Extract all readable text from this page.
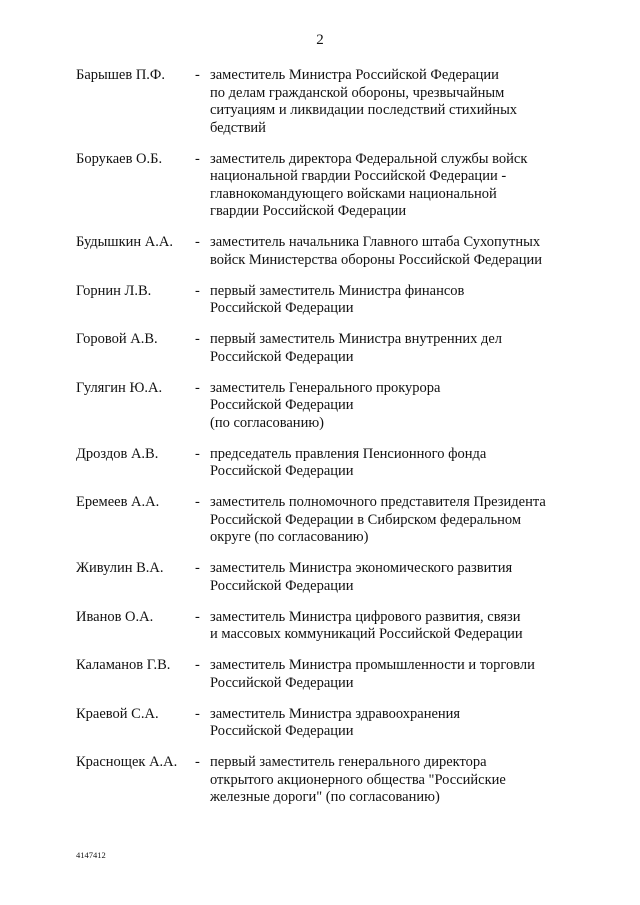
2
Барышев П.Ф.	- заместитель Министра Российской Федерации
по делам гражданской обороны, чрезвычайным
ситуациям и ликвидации последствий стихийных
бедствий
Борукаев О.Б.	- заместитель директора Федеральной службы войск
национальной гвардии Российской Федерации -
главнокомандующего войсками национальной
гвардии Российской Федерации
Будышкин А.А.	- заместитель начальника Главного штаба Сухопутных
войск Министерства обороны Российской Федерации
Горнин Л.В.	- первый заместитель Министра финансов
Российской Федерации
Горовой А.В.	- первый заместитель Министра внутренних дел
Российской Федерации
Гулягин Ю.А.	- заместитель Генерального прокурора
Российской Федерации
(по согласованию)
Дроздов А.В.	- председатель правления Пенсионного фонда
Российской Федерации
Еремеев А.А.	- заместитель полномочного представителя Президента
Российской Федерации в Сибирском федеральном
округе (по согласованию)
Живулин В.А.	- заместитель Министра экономического развития
Российской Федерации
Иванов О.А.	- заместитель Министра цифрового развития, связи
и массовых коммуникаций Российской Федерации
Каламанов Г.В.	- заместитель Министра промышленности и торговли
Российской Федерации
Краевой С.А.	- заместитель Министра здравоохранения
Российской Федерации
Краснощек А.А.	- первый заместитель генерального директора
открытого акционерного общества "Российские
железные дороги" (по согласованию)
4147412
